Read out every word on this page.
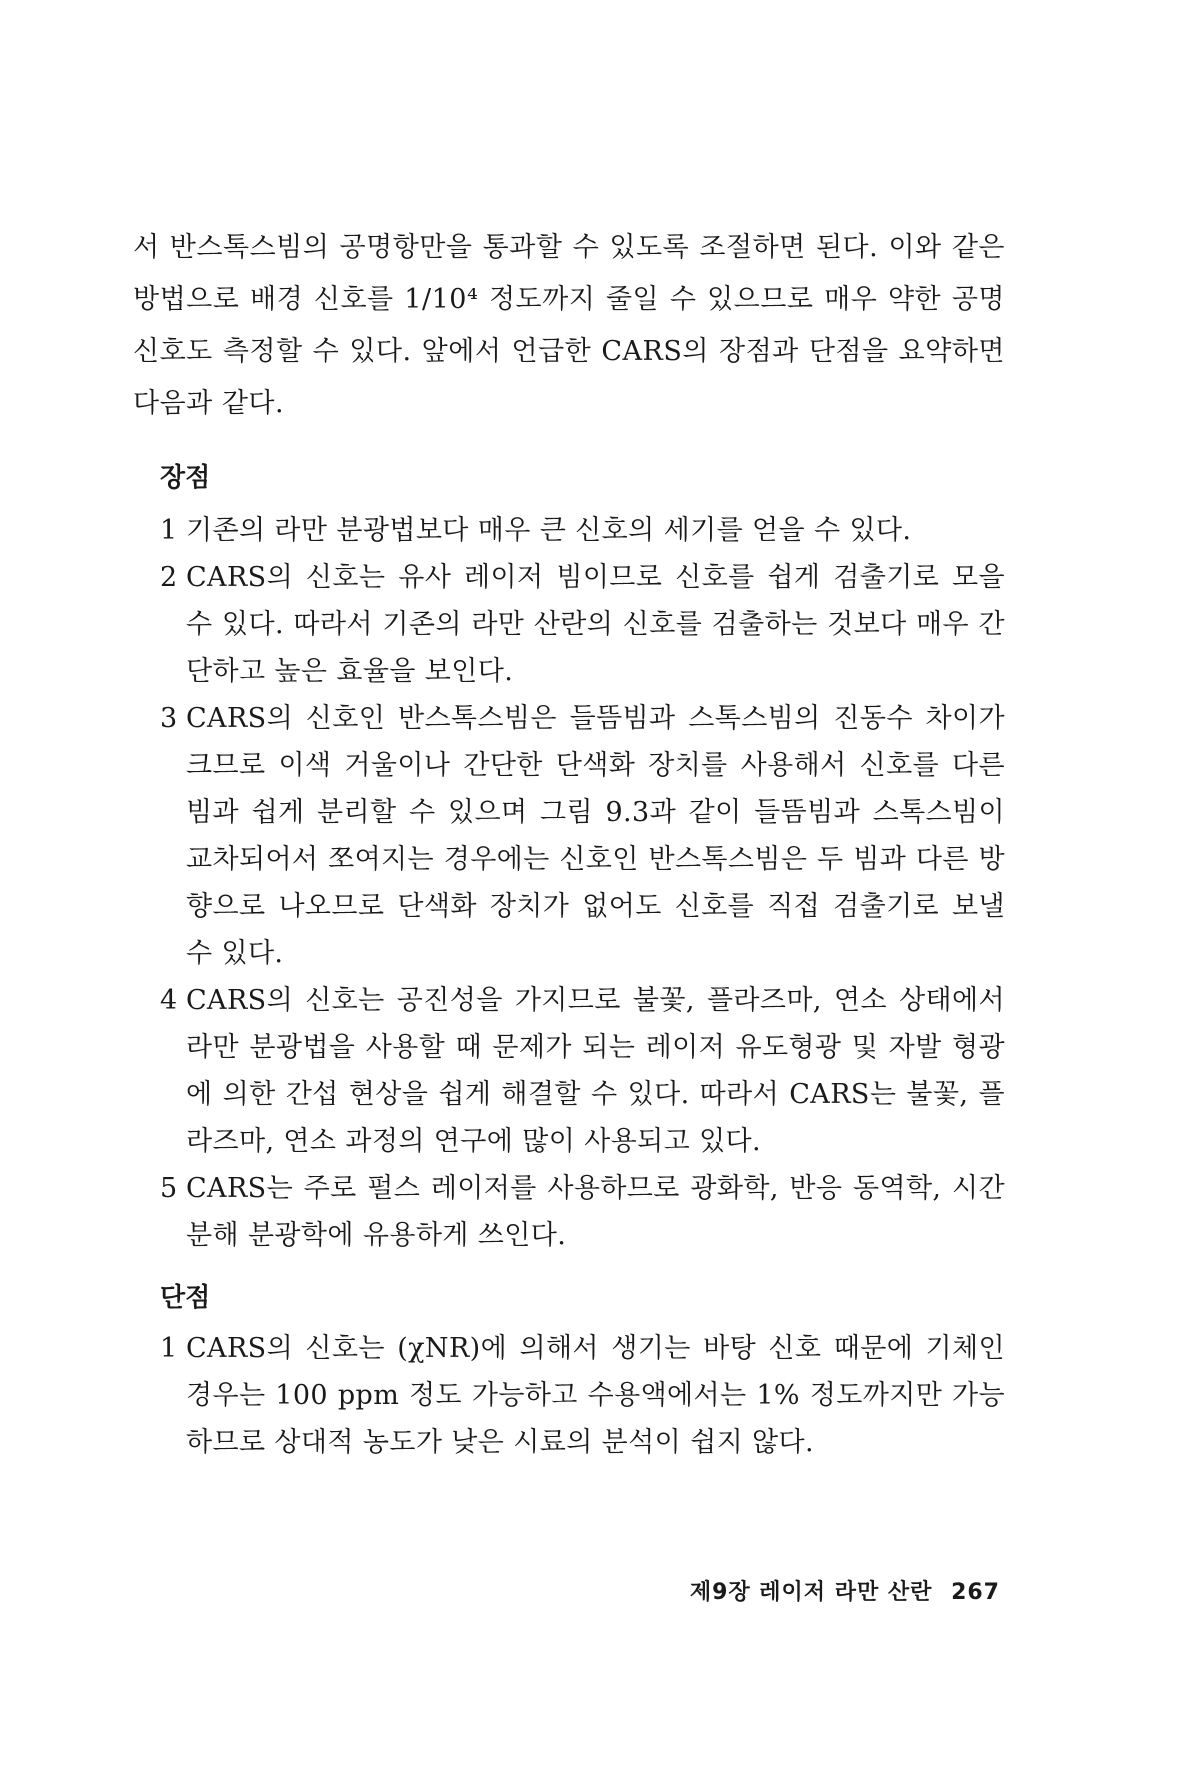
서 반스톡스빔의 공명항만을 통과할 수 있도록 조절하면 된다. 이와 같은 방법으로 배경 신호를 1/10⁴ 정도까지 줄일 수 있으므로 매우 약한 공명 신호도 측정할 수 있다. 앞에서 언급한 CARS의 장점과 단점을 요약하면 다음과 같다.

장점
1 기존의 라만 분광법보다 매우 큰 신호의 세기를 얻을 수 있다.
2 CARS의 신호는 유사 레이저 빔이므로 신호를 쉽게 검출기로 모을 수 있다. 따라서 기존의 라만 산란의 신호를 검출하는 것보다 매우 간단하고 높은 효율을 보인다.
3 CARS의 신호인 반스톡스빔은 들뜸빔과 스톡스빔의 진동수 차이가 크므로 이색 거울이나 간단한 단색화 장치를 사용해서 신호를 다른 빔과 쉽게 분리할 수 있으며 그림 9.3과 같이 들뜸빔과 스톡스빔이 교차되어서 쪼여지는 경우에는 신호인 반스톡스빔은 두 빔과 다른 방향으로 나오므로 단색화 장치가 없어도 신호를 직접 검출기로 보낼 수 있다.
4 CARS의 신호는 공진성을 가지므로 불꽃, 플라즈마, 연소 상태에서 라만 분광법을 사용할 때 문제가 되는 레이저 유도형광 및 자발 형광에 의한 간섭 현상을 쉽게 해결할 수 있다. 따라서 CARS는 불꽃, 플라즈마, 연소 과정의 연구에 많이 사용되고 있다.
5 CARS는 주로 펄스 레이저를 사용하므로 광화학, 반응 동역학, 시간분해 분광학에 유용하게 쓰인다.
단점
1 CARS의 신호는 (χNR)에 의해서 생기는 바탕 신호 때문에 기체인 경우는 100 ppm 정도 가능하고 수용액에서는 1% 정도까지만 가능하므로 상대적 농도가 낮은 시료의 분석이 쉽지 않다.
제9장 레이저 라만 산란 267
